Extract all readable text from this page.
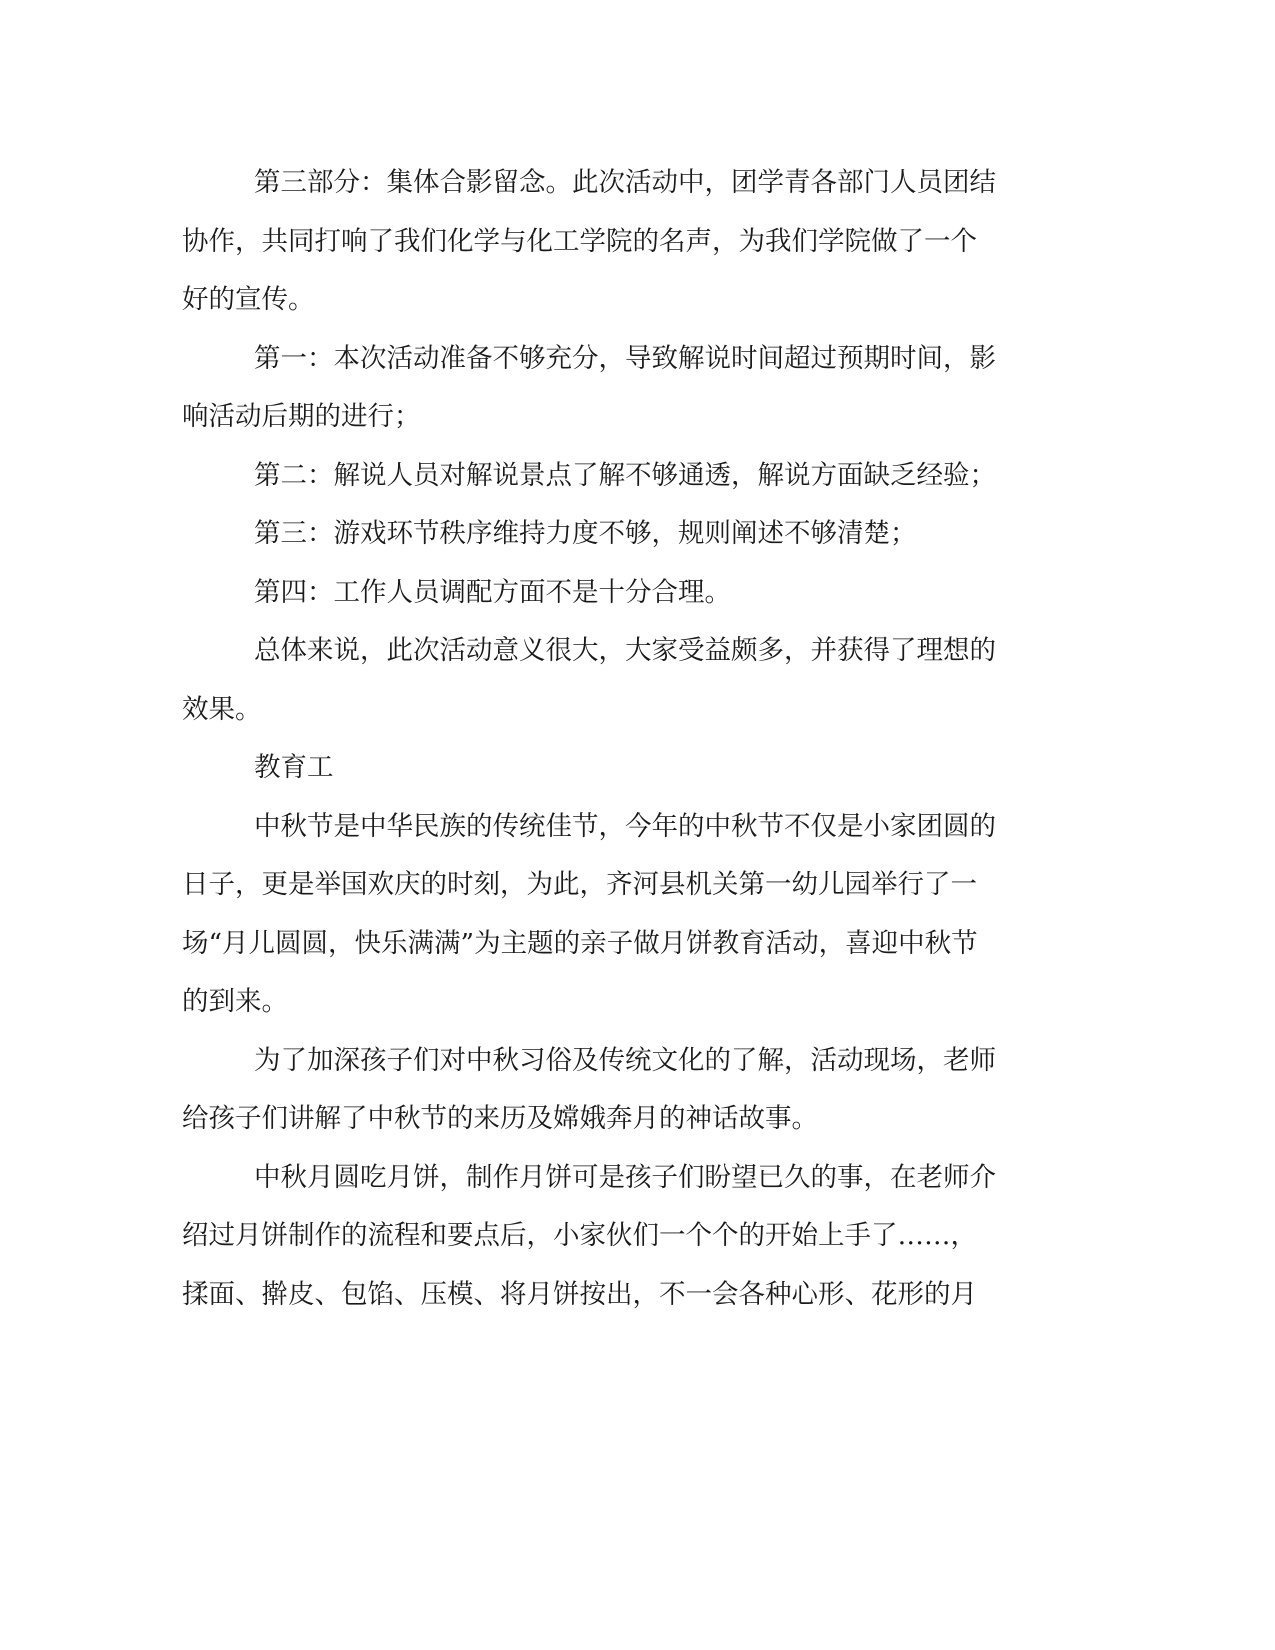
第三部分：集体合影留念。此次活动中，团学青各部门人员团结
协作，共同打响了我们化学与化工学院的名声，为我们学院做了一个
好的宣传。
第一：本次活动准备不够充分，导致解说时间超过预期时间，影
响活动后期的进行；
第二：解说人员对解说景点了解不够通透，解说方面缺乏经验；
第三：游戏环节秩序维持力度不够，规则阐述不够清楚；
第四：工作人员调配方面不是十分合理。
总体来说，此次活动意义很大，大家受益颇多，并获得了理想的
效果。
教育工
中秋节是中华民族的传统佳节，今年的中秋节不仅是小家团圆的
日子，更是举国欢庆的时刻，为此，齐河县机关第一幼儿园举行了一
场“月儿圆圆，快乐满满”为主题的亲子做月饼教育活动，喜迎中秋节
的到来。
为了加深孩子们对中秋习俗及传统文化的了解，活动现场，老师
给孩子们讲解了中秋节的来历及嫦娥奔月的神话故事。
中秋月圆吃月饼，制作月饼可是孩子们盼望已久的事，在老师介
绍过月饼制作的流程和要点后，小家伙们一个个的开始上手了……，
揉面、擀皮、包馅、压模、将月饼按出，不一会各种心形、花形的月
